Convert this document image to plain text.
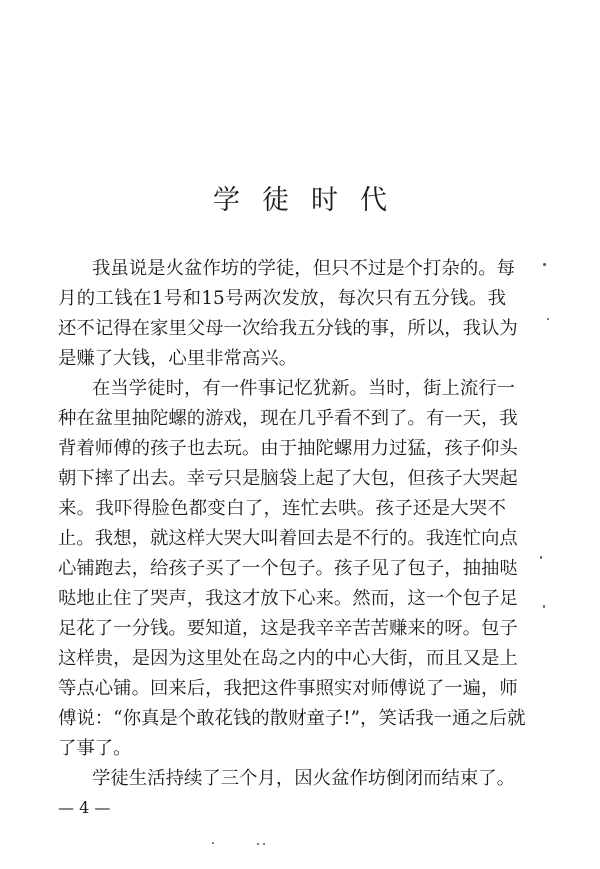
学徒时代
我虽说是火盆作坊的学徒，但只不过是个打杂的。每
月的工钱在1号和15号两次发放，每次只有五分钱。我
还不记得在家里父母一次给我五分钱的事，所以，我认为
是赚了大钱，心里非常高兴。
在当学徒时，有一件事记忆犹新。当时，街上流行一
种在盆里抽陀螺的游戏，现在几乎看不到了。有一天，我
背着师傅的孩子也去玩。由于抽陀螺用力过猛，孩子仰头
朝下摔了出去。幸亏只是脑袋上起了大包，但孩子大哭起
来。我吓得脸色都变白了，连忙去哄。孩子还是大哭不
止。我想，就这样大哭大叫着回去是不行的。我连忙向点
心铺跑去，给孩子买了一个包子。孩子见了包子，抽抽哒
哒地止住了哭声，我这才放下心来。然而，这一个包子足
足花了一分钱。要知道，这是我辛辛苦苦赚来的呀。包子
这样贵，是因为这里处在岛之内的中心大街，而且又是上
等点心铺。回来后，我把这件事照实对师傅说了一遍，师
傅说：“你真是个敢花钱的散财童子!”，笑话我一通之后就
了事了。
学徒生活持续了三个月，因火盆作坊倒闭而结束了。
— 4 —
